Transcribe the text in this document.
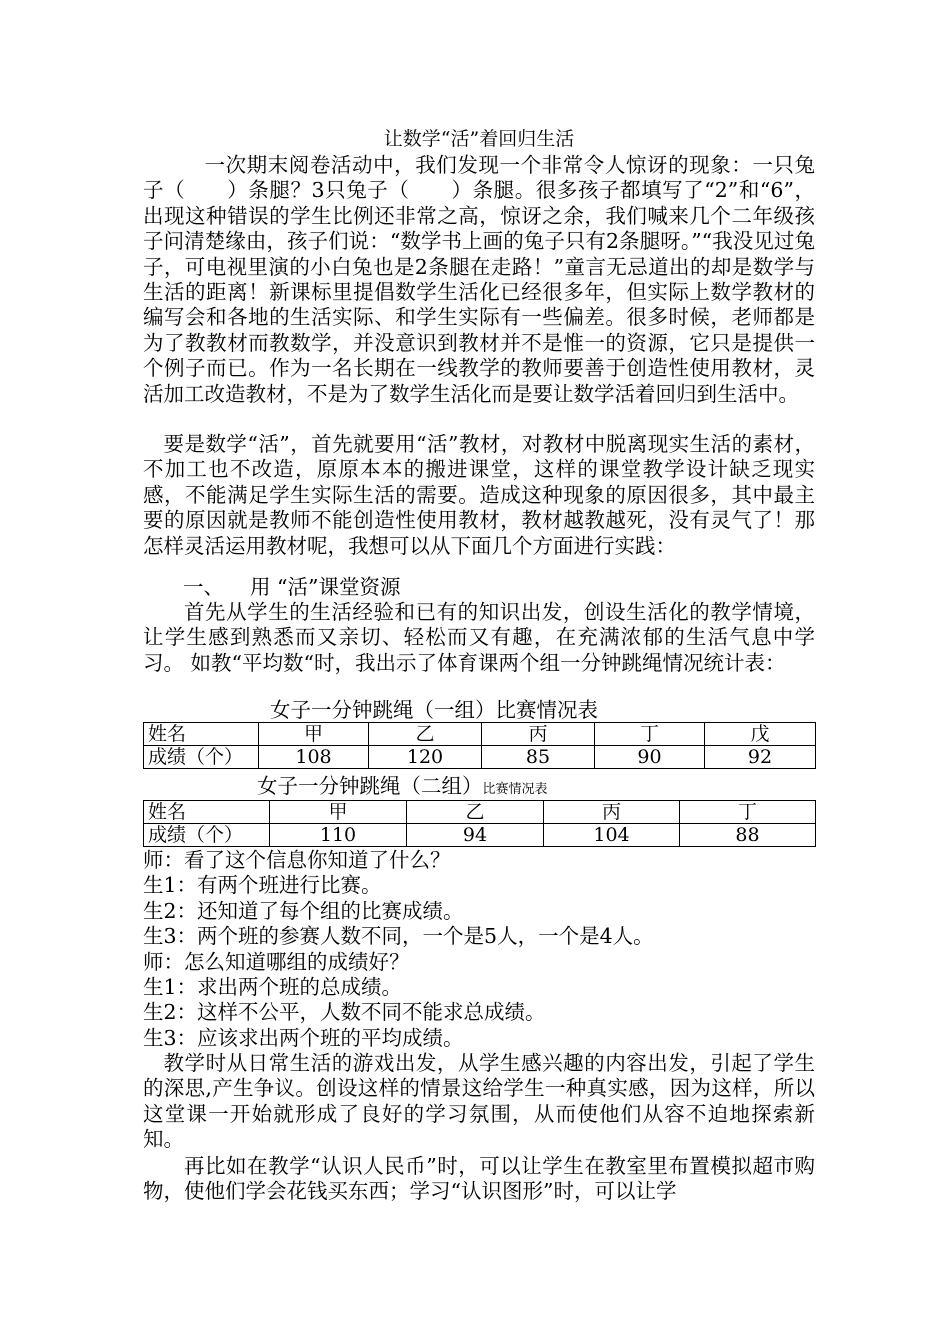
让数学“活”着回归生活

一次期末阅卷活动中，我们发现一个非常令人惊讶的现象：一只兔子（　　）条腿？3只兔子（　　）条腿。很多孩子都填写了“2”和“6”，出现这种错误的学生比例还非常之高，惊讶之余，我们喊来几个二年级孩子问清楚缘由，孩子们说：“数学书上画的兔子只有2条腿呀。”“我没见过兔子，可电视里演的小白兔也是2条腿在走路！”童言无忌道出的却是数学与生活的距离！新课标里提倡数学生活化已经很多年，但实际上数学教材的编写会和各地的生活实际、和学生实际有一些偏差。很多时候，老师都是为了教教材而教数学，并没意识到教材并不是惟一的资源，它只是提供一个例子而已。作为一名长期在一线教学的教师要善于创造性使用教材，灵活加工改造教材，不是为了数学生活化而是要让数学活着回归到生活中。

要是数学“活”，首先就要用“活”教材，对教材中脱离现实生活的素材，不加工也不改造，原原本本的搬进课堂，这样的课堂教学设计缺乏现实感，不能满足学生实际生活的需要。造成这种现象的原因很多，其中最主要的原因就是教师不能创造性使用教材，教材越教越死，没有灵气了！那怎样灵活运用教材呢，我想可以从下面几个方面进行实践：

一、 用 “活”课堂资源

首先从学生的生活经验和已有的知识出发，创设生活化的教学情境，让学生感到熟悉而又亲切、轻松而又有趣，在充满浓郁的生活气息中学习。 如教“平均数“时，我出示了体育课两个组一分钟跳绳情况统计表：

女子一分钟跳绳（一组）比赛情况表
姓名	甲	乙	丙	丁	戊
成绩（个）	108	120	85	90	92
女子一分钟跳绳（二组）比赛情况表
姓名	甲	乙	丙	丁
成绩（个）	110	94	104	88

师：看了这个信息你知道了什么？

生1：有两个班进行比赛。

生2：还知道了每个组的比赛成绩。

生3：两个班的参赛人数不同，一个是5人，一个是4人。

师：怎么知道哪组的成绩好？

生1：求出两个班的总成绩。

生2：这样不公平，人数不同不能求总成绩。

生3：应该求出两个班的平均成绩。

教学时从日常生活的游戏出发，从学生感兴趣的内容出发，引起了学生的深思,产生争议。创设这样的情景这给学生一种真实感，因为这样，所以这堂课一开始就形成了良好的学习氛围，从而使他们从容不迫地探索新知。

再比如在教学“认识人民币”时，可以让学生在教室里布置模拟超市购物，使他们学会花钱买东西；学习“认识图形”时，可以让学
